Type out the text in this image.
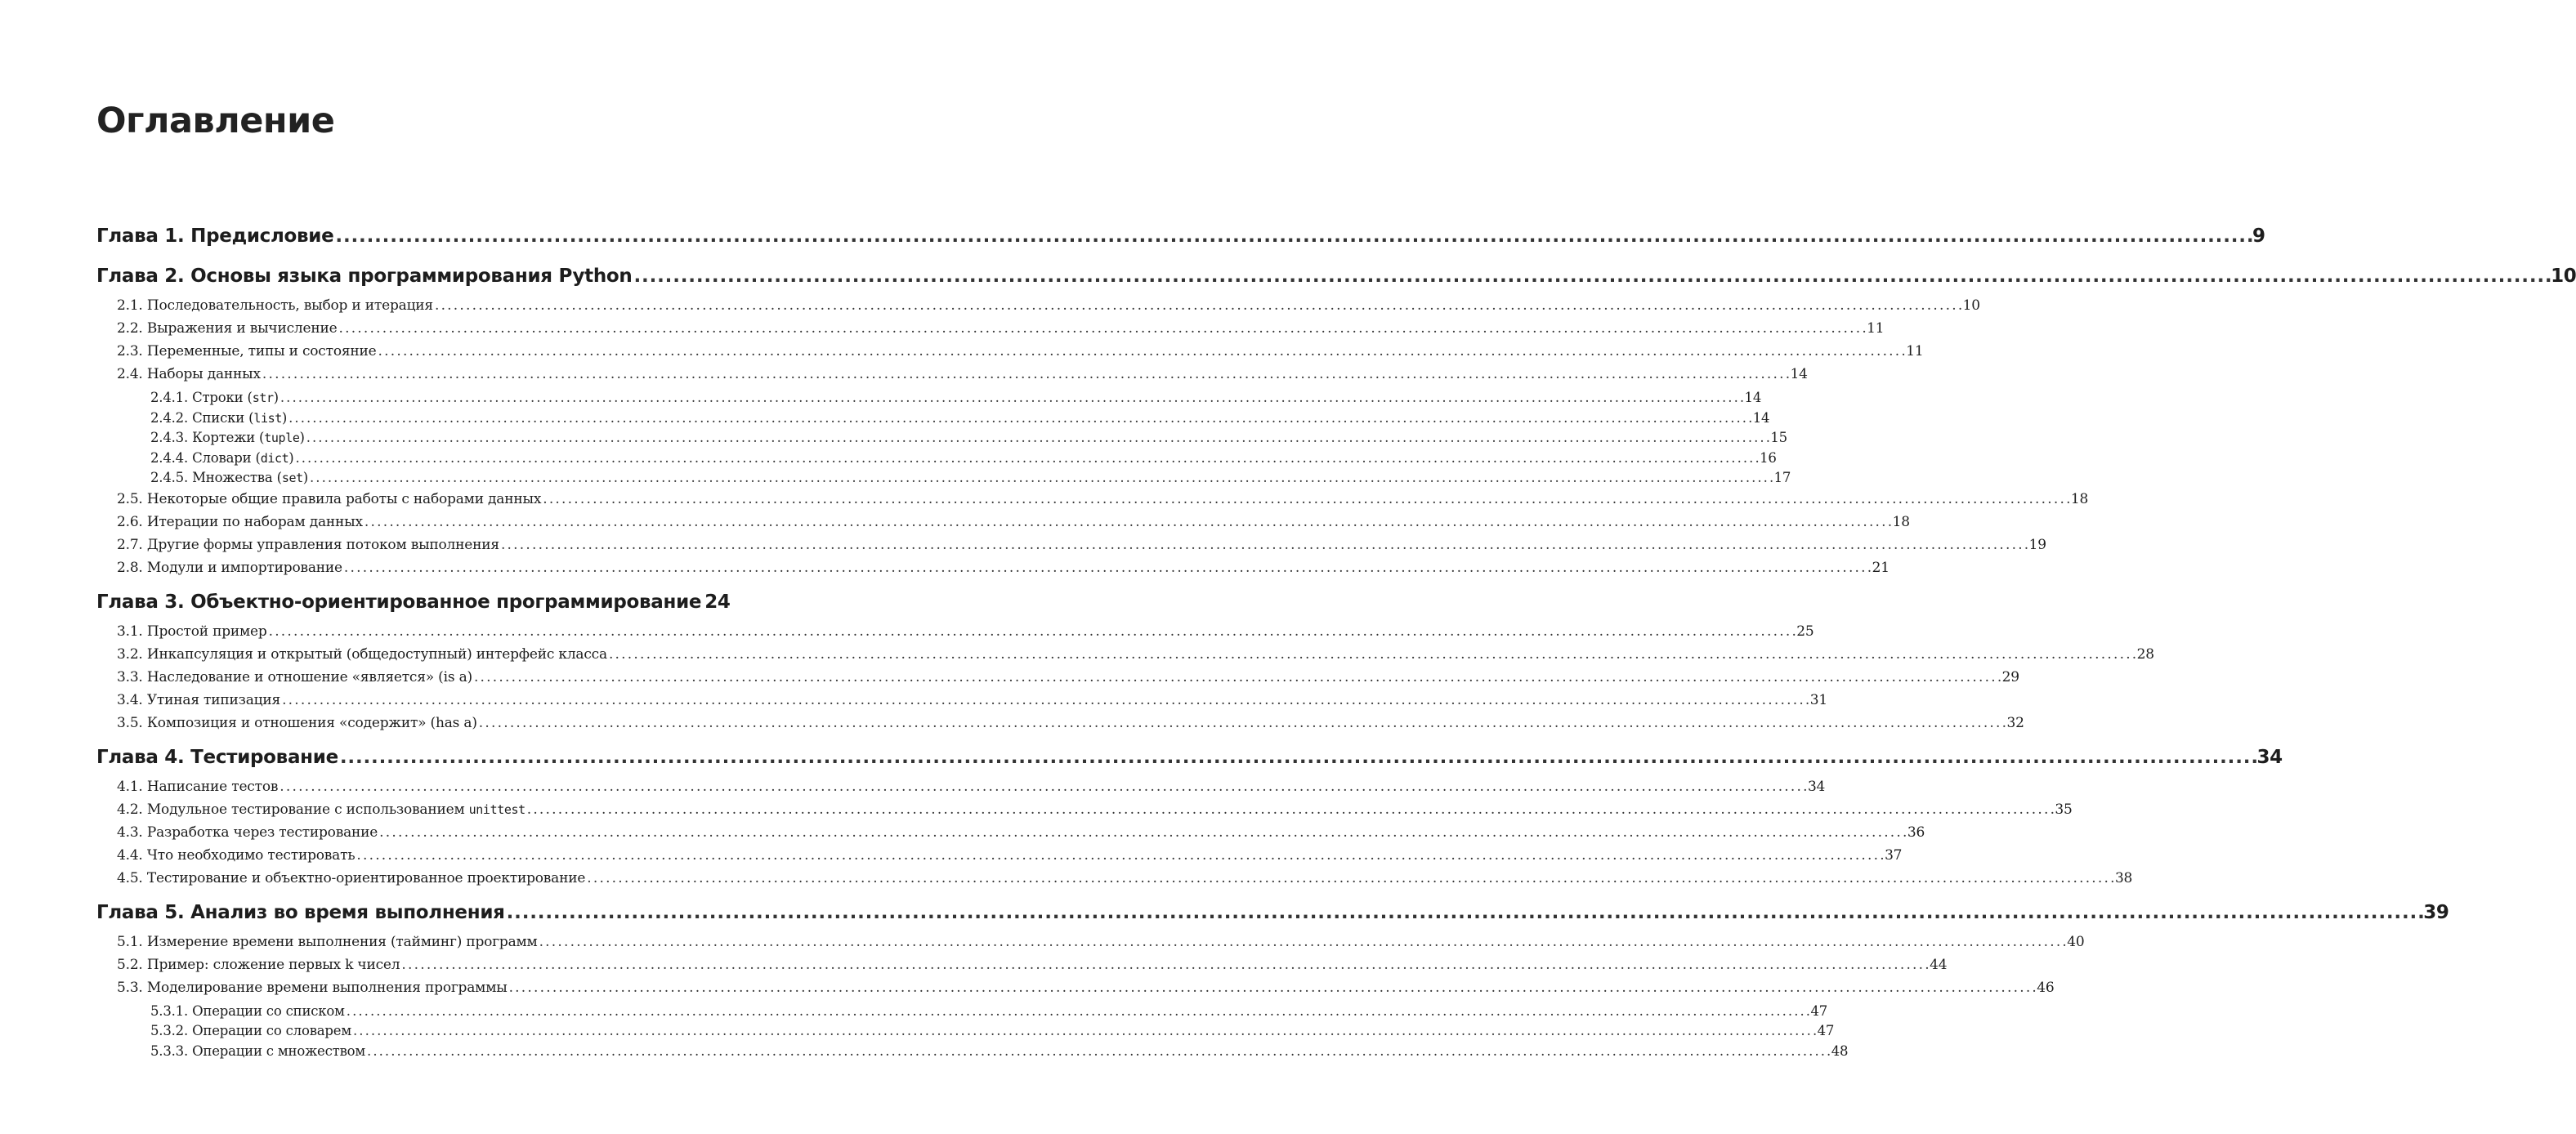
Оглавление
Глава 1. Предисловие . . .	9
Глава 2. Основы языка программирования Python . . .	10
2.1. Последовательность, выбор и итерация . . .	10
2.2. Выражения и вычисление . . .	11
2.3. Переменные, типы и состояние . . .	11
2.4. Наборы данных . . .	14
2.4.1. Строки (str) . . .	14
2.4.2. Списки (list) . . .	14
2.4.3. Кортежи (tuple) . . .	15
2.4.4. Словари (dict) . . .	16
2.4.5. Множества (set) . . .	17
2.5. Некоторые общие правила работы с наборами данных . . .	18
2.6. Итерации по наборам данных . . .	18
2.7. Другие формы управления потоком выполнения . . .	19
2.8. Модули и импортирование . . .	21
Глава 3. Объектно-ориентированное программирование 24
3.1. Простой пример . . .	25
3.2. Инкапсуляция и открытый (общедоступный) интерфейс класса . . .	28
3.3. Наследование и отношение «является» (is a) . . .	29
3.4. Утиная типизация . . .	31
3.5. Композиция и отношения «содержит» (has a) . . .	32
Глава 4. Тестирование . . .	34
4.1. Написание тестов . . .	34
4.2. Модульное тестирование с использованием unittest . . .	35
4.3. Разработка через тестирование . . .	36
4.4. Что необходимо тестировать . . .	37
4.5. Тестирование и объектно-ориентированное проектирование . . .	38
Глава 5. Анализ во время выполнения . . .	39
5.1. Измерение времени выполнения (тайминг) программ . . .	40
5.2. Пример: сложение первых k чисел . . .	44
5.3. Моделирование времени выполнения программы . . .	46
5.3.1. Операции со списком . . .	47
5.3.2. Операции со словарем . . .	47
5.3.3. Операции с множеством . . .	48
